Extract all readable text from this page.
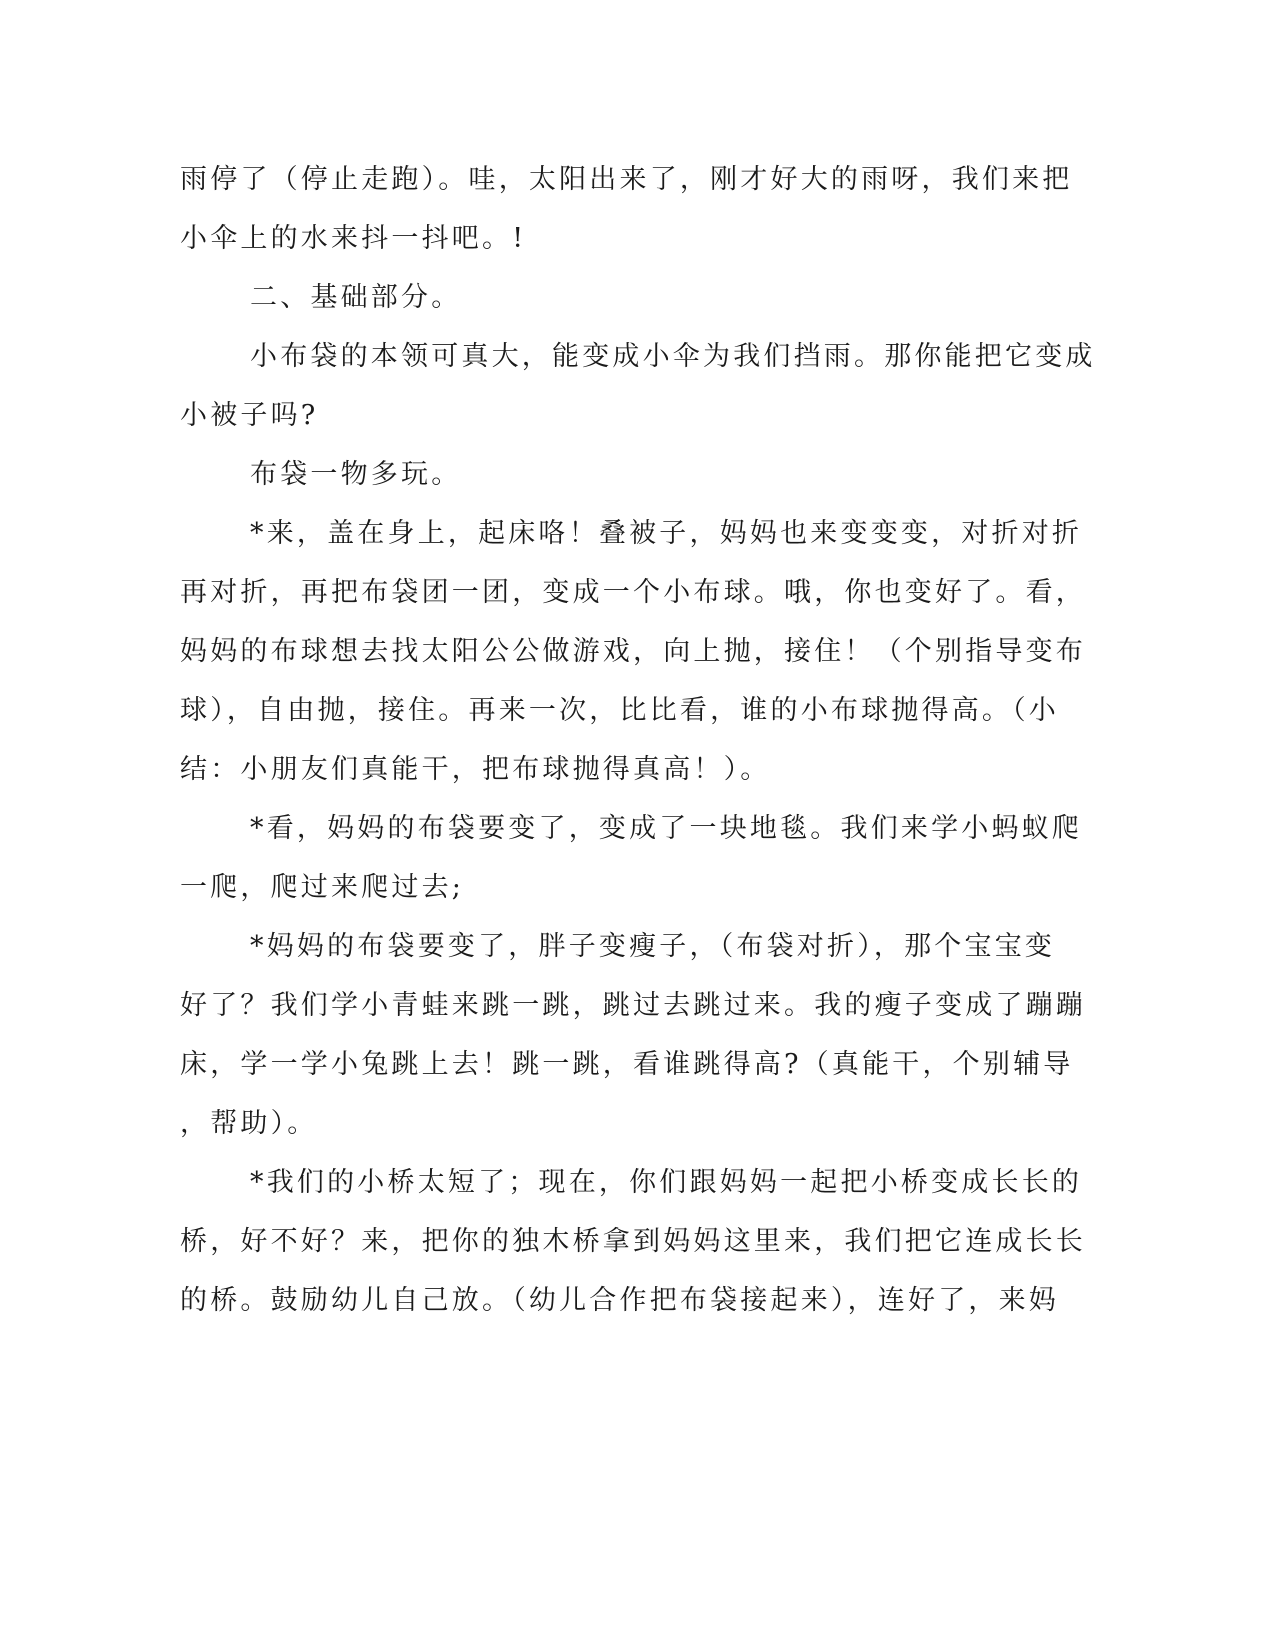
雨停了（停止走跑）。哇，太阳出来了，刚才好大的雨呀，我们来把
小伞上的水来抖一抖吧。!
二、基础部分。
小布袋的本领可真大，能变成小伞为我们挡雨。那你能把它变成
小被子吗?
布袋一物多玩。
*来，盖在身上，起床咯！叠被子，妈妈也来变变变，对折对折
再对折，再把布袋团一团，变成一个小布球。哦，你也变好了。看，
妈妈的布球想去找太阳公公做游戏，向上抛，接住！（个别指导变布
球），自由抛，接住。再来一次，比比看，谁的小布球抛得高。（小
结：小朋友们真能干，把布球抛得真高！）。
*看，妈妈的布袋要变了，变成了一块地毯。我们来学小蚂蚁爬
一爬，爬过来爬过去;
*妈妈的布袋要变了，胖子变瘦子，（布袋对折），那个宝宝变
好了？我们学小青蛙来跳一跳，跳过去跳过来。我的瘦子变成了蹦蹦
床，学一学小兔跳上去！跳一跳，看谁跳得高?（真能干，个别辅导
，帮助）。
*我们的小桥太短了；现在，你们跟妈妈一起把小桥变成长长的
桥，好不好？来，把你的独木桥拿到妈妈这里来，我们把它连成长长
的桥。鼓励幼儿自己放。（幼儿合作把布袋接起来），连好了，来妈
